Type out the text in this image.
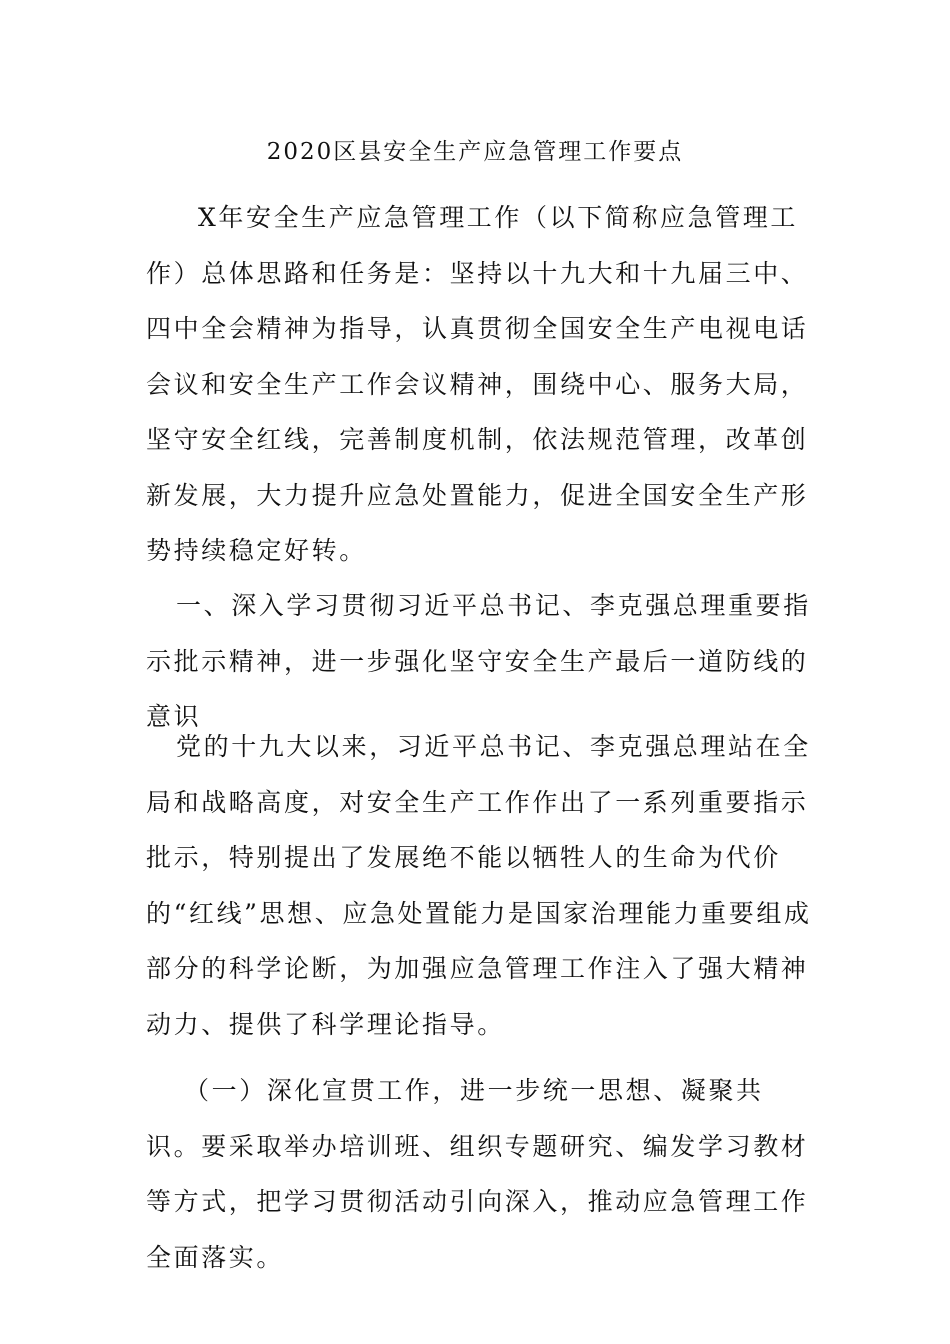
2020区县安全生产应急管理工作要点

X年安全生产应急管理工作（以下简称应急管理工作）总体思路和任务是：坚持以十九大和十九届三中、四中全会精神为指导，认真贯彻全国安全生产电视电话会议和安全生产工作会议精神，围绕中心、服务大局，坚守安全红线，完善制度机制，依法规范管理，改革创新发展，大力提升应急处置能力，促进全国安全生产形势持续稳定好转。

一、深入学习贯彻习近平总书记、李克强总理重要指示批示精神，进一步强化坚守安全生产最后一道防线的意识

党的十九大以来，习近平总书记、李克强总理站在全局和战略高度，对安全生产工作作出了一系列重要指示批示，特别提出了发展绝不能以牺牲人的生命为代价的“红线”思想、应急处置能力是国家治理能力重要组成部分的科学论断，为加强应急管理工作注入了强大精神动力、提供了科学理论指导。

（一）深化宣贯工作，进一步统一思想、凝聚共识。要采取举办培训班、组织专题研究、编发学习教材等方式，把学习贯彻活动引向深入，推动应急管理工作全面落实。
